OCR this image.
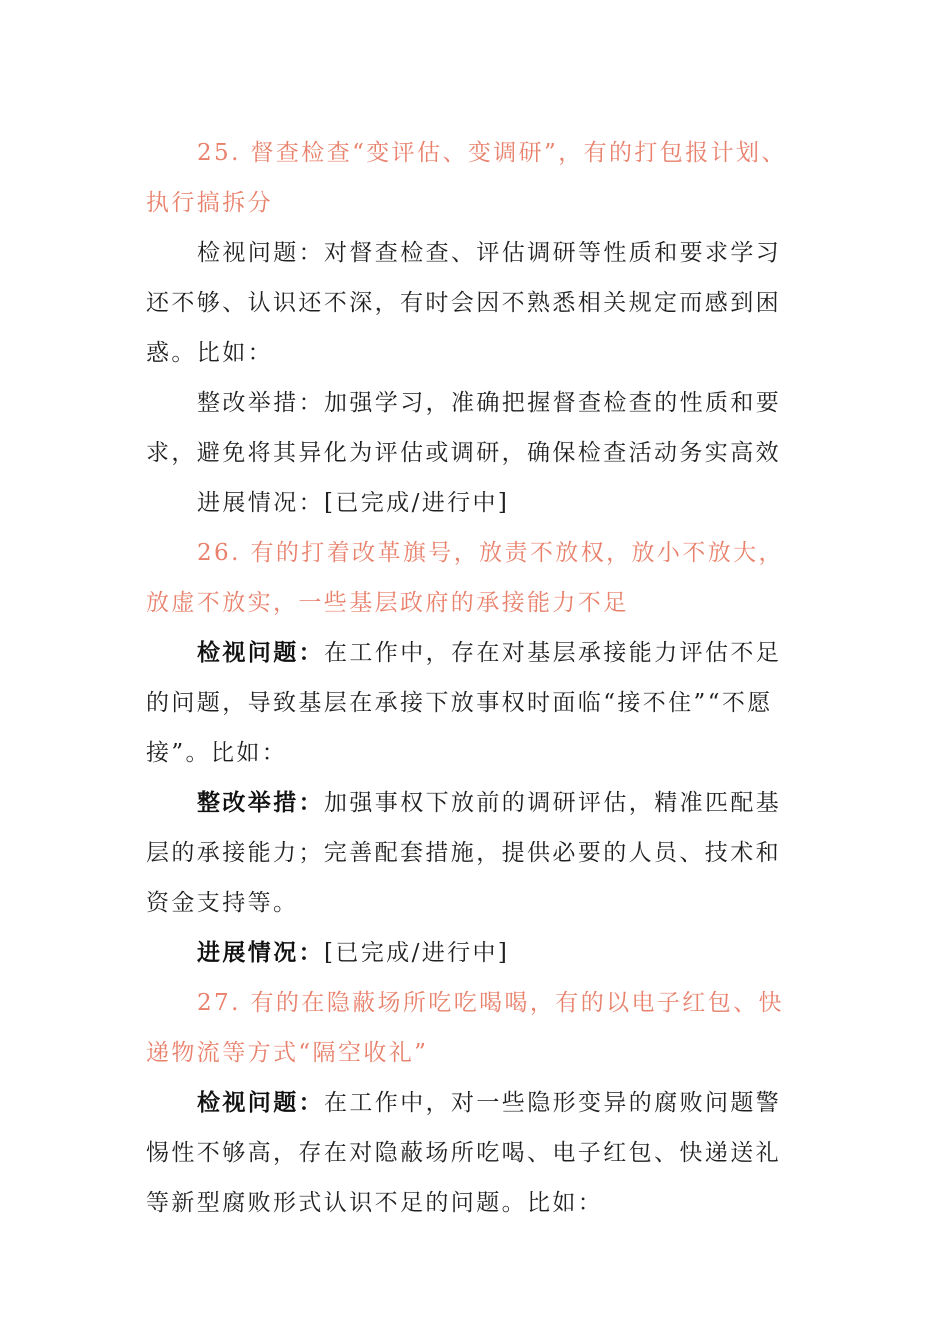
25. 督查检查“变评估、变调研”，有的打包报计划、执行搞拆分

检视问题：对督查检查、评估调研等性质和要求学习还不够、认识还不深，有时会因不熟悉相关规定而感到困惑。比如：

整改举措：加强学习，准确把握督查检查的性质和要求，避免将其异化为评估或调研，确保检查活动务实高效

进展情况：[已完成/进行中]

26. 有的打着改革旗号，放责不放权，放小不放大，放虚不放实，一些基层政府的承接能力不足

检视问题：在工作中，存在对基层承接能力评估不足的问题，导致基层在承接下放事权时面临“接不住”“不愿接”。比如：

整改举措：加强事权下放前的调研评估，精准匹配基层的承接能力；完善配套措施，提供必要的人员、技术和资金支持等。

进展情况：[已完成/进行中]

27. 有的在隐蔽场所吃吃喝喝，有的以电子红包、快递物流等方式“隔空收礼”

检视问题：在工作中，对一些隐形变异的腐败问题警惕性不够高，存在对隐蔽场所吃喝、电子红包、快递送礼等新型腐败形式认识不足的问题。比如：
